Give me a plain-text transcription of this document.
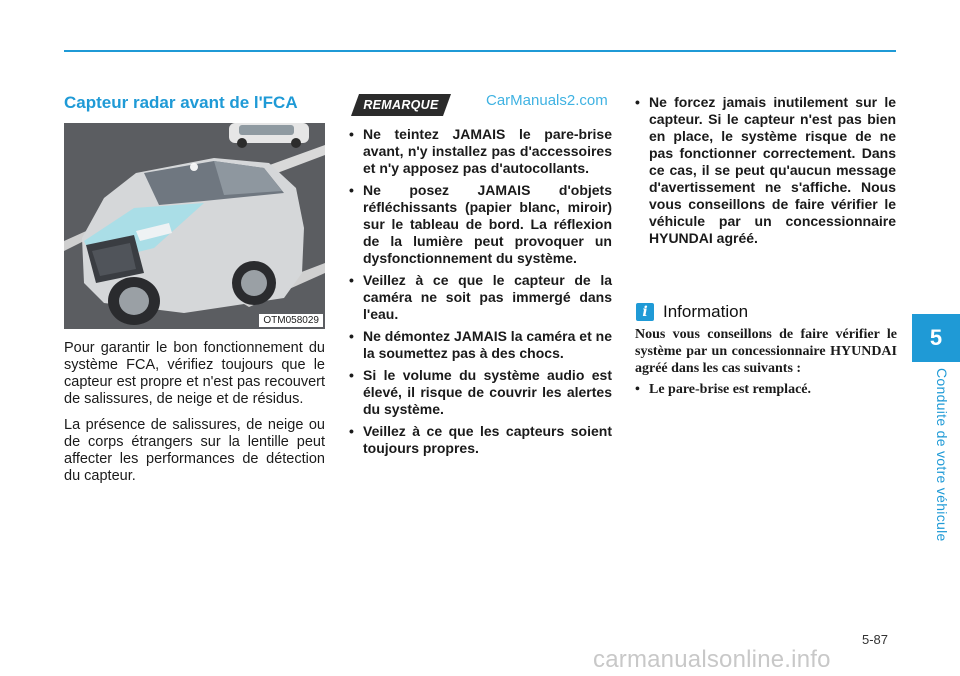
5
Conduite de votre véhicule
Capteur radar avant de l'FCA
OTM058029

Pour garantir le bon fonctionnement du système FCA, vérifiez toujours que le capteur est propre et n'est pas recouvert de salissures, de neige et de résidus.

La présence de salissures, de neige ou de corps étrangers sur la lentille peut affecter les performances de détection du capteur.

REMARQUE	CarManuals2.com
• Ne teintez JAMAIS le pare-brise avant, n'y installez pas d'accessoires et n'y apposez pas d'autocollants.
• Ne posez JAMAIS d'objets réfléchissants (papier blanc, miroir) sur le tableau de bord. La réflexion de la lumière peut provoquer un dysfonctionnement du système.
• Veillez à ce que le capteur de la caméra ne soit pas immergé dans l'eau.
• Ne démontez JAMAIS la caméra et ne la soumettez pas à des chocs.
• Si le volume du système audio est élevé, il risque de couvrir les alertes du système.
• Veillez à ce que les capteurs soient toujours propres.
• Ne forcez jamais inutilement sur le capteur. Si le capteur n'est pas bien en place, le système risque de ne pas fonctionner correctement. Dans ce cas, il se peut qu'aucun message d'avertissement ne s'affiche. Nous vous conseillons de faire vérifier le véhicule par un concessionnaire HYUNDAI agréé.
i Information

Nous vous conseillons de faire vérifier le système par un concessionnaire HYUNDAI agréé dans les cas suivants :

• Le pare-brise est remplacé.
5-87
carmanualsonline.info
